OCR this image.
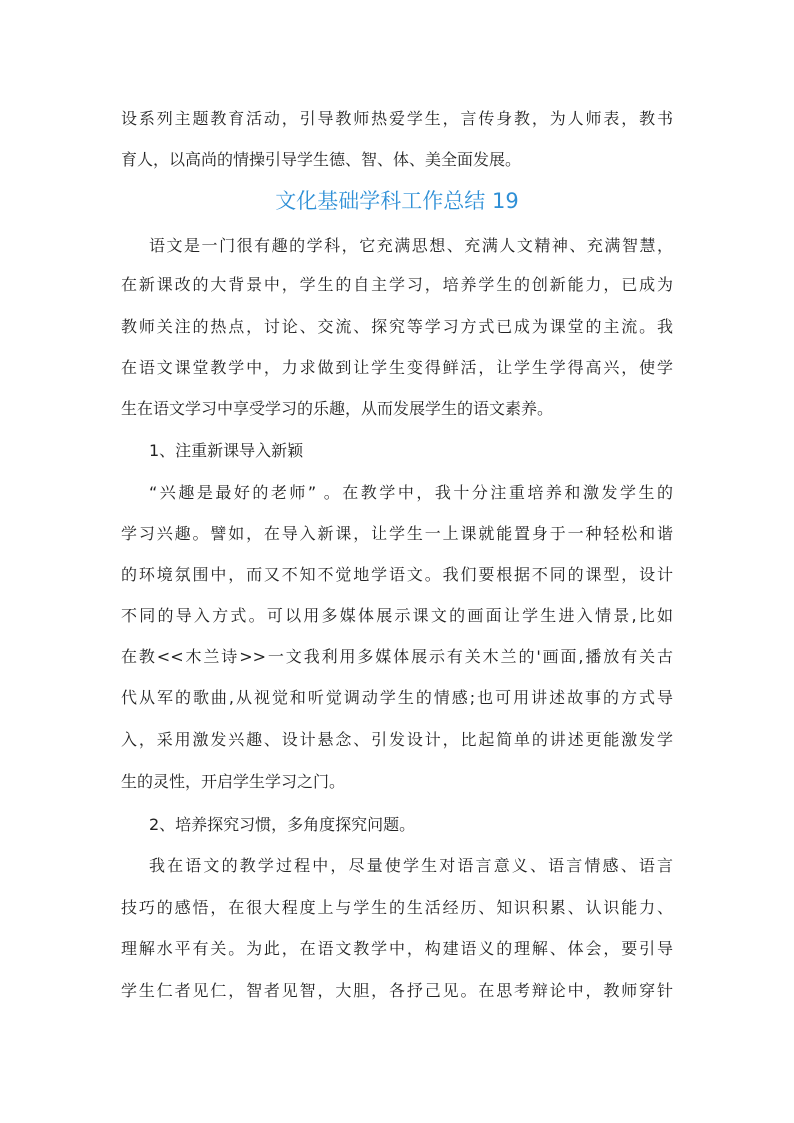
设系列主题教育活动，引导教师热爱学生，言传身教，为人师表，教书
育人，以高尚的情操引导学生德、智、体、美全面发展。
文化基础学科工作总结 19
语文是一门很有趣的学科，它充满思想、充满人文精神、充满智慧，
在新课改的大背景中，学生的自主学习，培养学生的创新能力，已成为
教师关注的热点，讨论、交流、探究等学习方式已成为课堂的主流。我
在语文课堂教学中，力求做到让学生变得鲜活，让学生学得高兴，使学
生在语文学习中享受学习的乐趣，从而发展学生的语文素养。
1、注重新课导入新颖
“兴趣是最好的老师” 。在教学中，我十分注重培养和激发学生的
学习兴趣。譬如，在导入新课，让学生一上课就能置身于一种轻松和谐
的环境氛围中，而又不知不觉地学语文。我们要根据不同的课型，设计
不同的导入方式。可以用多媒体展示课文的画面让学生进入情景,比如
在教<<木兰诗>>一文我利用多媒体展示有关木兰的'画面,播放有关古
代从军的歌曲,从视觉和听觉调动学生的情感;也可用讲述故事的方式导
入，采用激发兴趣、设计悬念、引发设计，比起简单的讲述更能激发学
生的灵性，开启学生学习之门。
2、培养探究习惯，多角度探究问题。
我在语文的教学过程中，尽量使学生对语言意义、语言情感、语言
技巧的感悟，在很大程度上与学生的生活经历、知识积累、认识能力、
理解水平有关。为此，在语文教学中，构建语义的理解、体会，要引导
学生仁者见仁，智者见智，大胆，各抒己见。在思考辩论中，教师穿针
